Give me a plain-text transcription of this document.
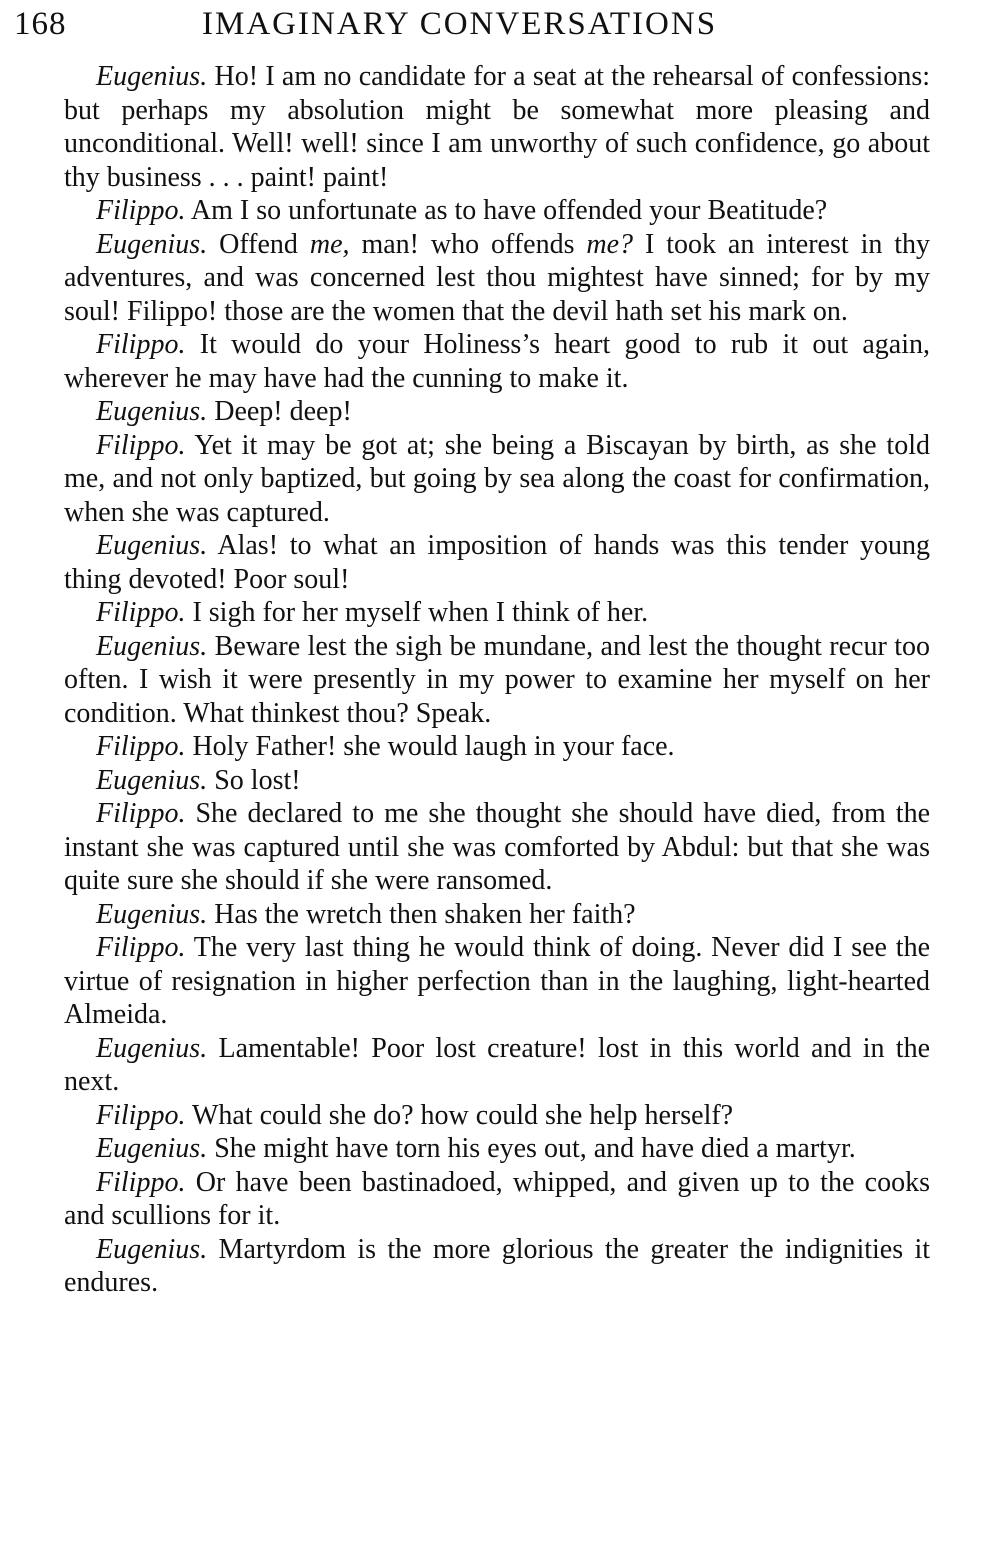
168	IMAGINARY CONVERSATIONS

Eugenius. Ho! I am no candidate for a seat at the rehearsal of confessions: but perhaps my absolution might be somewhat more pleasing and unconditional. Well! well! since I am unworthy of such confidence, go about thy business . . . paint! paint!

Filippo. Am I so unfortunate as to have offended your Beatitude?

Eugenius. Offend me, man! who offends me? I took an interest in thy adventures, and was concerned lest thou mightest have sinned; for by my soul! Filippo! those are the women that the devil hath set his mark on.

Filippo. It would do your Holiness’s heart good to rub it out again, wherever he may have had the cunning to make it.

Eugenius. Deep! deep!

Filippo. Yet it may be got at; she being a Biscayan by birth, as she told me, and not only baptized, but going by sea along the coast for confirmation, when she was captured.

Eugenius. Alas! to what an imposition of hands was this tender young thing devoted! Poor soul!

Filippo. I sigh for her myself when I think of her.

Eugenius. Beware lest the sigh be mundane, and lest the thought recur too often. I wish it were presently in my power to examine her myself on her condition. What thinkest thou? Speak.

Filippo. Holy Father! she would laugh in your face.

Eugenius. So lost!

Filippo. She declared to me she thought she should have died, from the instant she was captured until she was comforted by Abdul: but that she was quite sure she should if she were ransomed.

Eugenius. Has the wretch then shaken her faith?

Filippo. The very last thing he would think of doing. Never did I see the virtue of resignation in higher perfection than in the laughing, light-hearted Almeida.

Eugenius. Lamentable! Poor lost creature! lost in this world and in the next.

Filippo. What could she do? how could she help herself?

Eugenius. She might have torn his eyes out, and have died a martyr.

Filippo. Or have been bastinadoed, whipped, and given up to the cooks and scullions for it.

Eugenius. Martyrdom is the more glorious the greater the indignities it endures.
